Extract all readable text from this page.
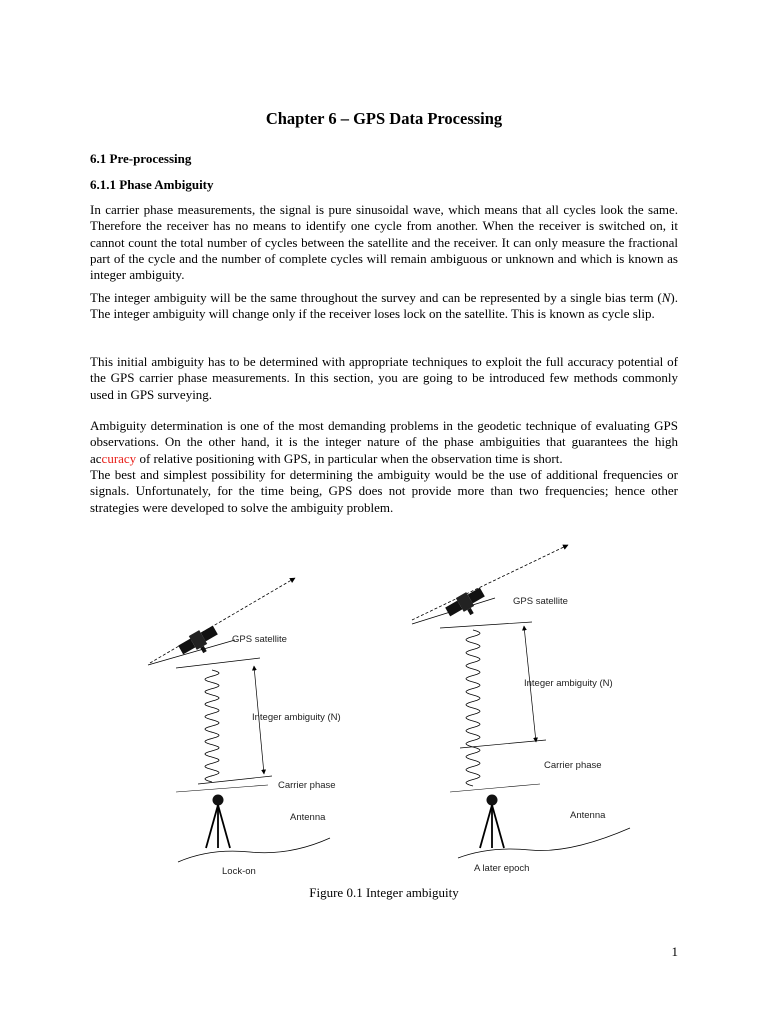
Chapter 6 – GPS Data Processing
6.1 Pre-processing
6.1.1 Phase Ambiguity

In carrier phase measurements, the signal is pure sinusoidal wave, which means that all cycles look the same. Therefore the receiver has no means to identify one cycle from another. When the receiver is switched on, it cannot count the total number of cycles between the satellite and the receiver. It can only measure the fractional part of the cycle and the number of complete cycles will remain ambiguous or unknown and which is known as integer ambiguity.

The integer ambiguity will be the same throughout the survey and can be represented by a single bias term (N). The integer ambiguity will change only if the receiver loses lock on the satellite. This is known as cycle slip.

This initial ambiguity has to be determined with appropriate techniques to exploit the full accuracy potential of the GPS carrier phase measurements. In this section, you are going to be introduced few methods commonly used in GPS surveying.

Ambiguity determination is one of the most demanding problems in the geodetic technique of evaluating GPS observations. On the other hand, it is the integer nature of the phase ambiguities that guarantees the high accuracy of relative positioning with GPS, in particular when the observation time is short.

The best and simplest possibility for determining the ambiguity would be the use of additional frequencies or signals. Unfortunately, for the time being, GPS does not provide more than two frequencies; hence other strategies were developed to solve the ambiguity problem.

Figure 0.1 Integer ambiguity

GPS satellite
Integer ambiguity (N)
Carrier phase
Antenna
Lock-on
GPS satellite
Integer ambiguity (N)
Carrier phase
Antenna
A later epoch

1
